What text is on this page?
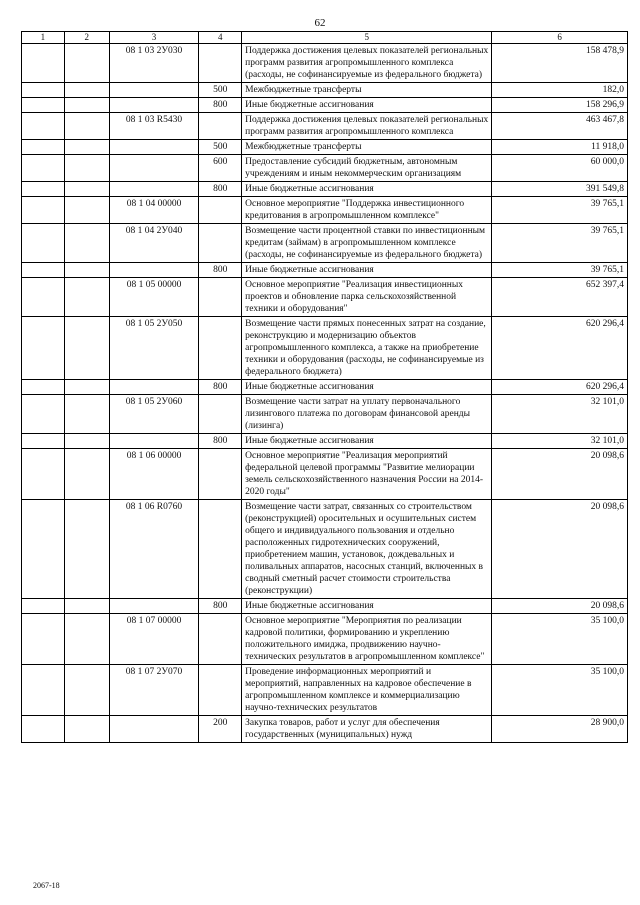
62
1	2	3	4	5	6
		08 1 03 2У030		Поддержка достижения целевых показателей региональных программ развития агропромышленного комплекса (расходы, не софинансируемые из федерального бюджета)	158 478,9
			500	Межбюджетные трансферты	182,0
			800	Иные бюджетные ассигнования	158 296,9
		08 1 03 R5430		Поддержка достижения целевых показателей региональных программ развития агропромышленного комплекса	463 467,8
			500	Межбюджетные трансферты	11 918,0
			600	Предоставление субсидий бюджетным, автономным учреждениям и иным некоммерческим организациям	60 000,0
			800	Иные бюджетные ассигнования	391 549,8
		08 1 04 00000		Основное мероприятие "Поддержка инвестиционного кредитования в агропромышленном комплексе"	39 765,1
		08 1 04 2У040		Возмещение части процентной ставки по инвестиционным кредитам (займам) в агропромышленном комплексе (расходы, не софинансируемые из федерального бюджета)	39 765,1
			800	Иные бюджетные ассигнования	39 765,1
		08 1 05 00000		Основное мероприятие "Реализация инвестиционных проектов и обновление парка сельскохозяйственной техники и оборудования"	652 397,4
		08 1 05 2У050		Возмещение части прямых понесенных затрат на создание, реконструкцию и модернизацию объектов агропромышленного комплекса, а также на приобретение техники и оборудования (расходы, не софинансируемые из федерального бюджета)	620 296,4
			800	Иные бюджетные ассигнования	620 296,4
		08 1 05 2У060		Возмещение части затрат на уплату первоначального лизингового платежа по договорам финансовой аренды (лизинга)	32 101,0
			800	Иные бюджетные ассигнования	32 101,0
		08 1 06 00000		Основное мероприятие "Реализация мероприятий федеральной целевой программы "Развитие мелиорации земель сельскохозяйственного назначения России на 2014-2020 годы"	20 098,6
		08 1 06 R0760		Возмещение части затрат, связанных со строительством (реконструкцией) оросительных и осушительных систем общего и индивидуального пользования и отдельно расположенных гидротехнических сооружений, приобретением машин, установок, дождевальных и поливальных аппаратов, насосных станций, включенных в сводный сметный расчет стоимости строительства (реконструкции)	20 098,6
			800	Иные бюджетные ассигнования	20 098,6
		08 1 07 00000		Основное мероприятие "Мероприятия по реализации кадровой политики, формированию и укреплению положительного имиджа, продвижению научно-технических результатов в агропромышленном комплексе"	35 100,0
		08 1 07 2У070		Проведение информационных мероприятий и мероприятий, направленных на кадровое обеспечение в агропромышленном комплексе и коммерциализацию научно-технических результатов	35 100,0
			200	Закупка товаров, работ и услуг для обеспечения государственных (муниципальных) нужд	28 900,0
2067-18
